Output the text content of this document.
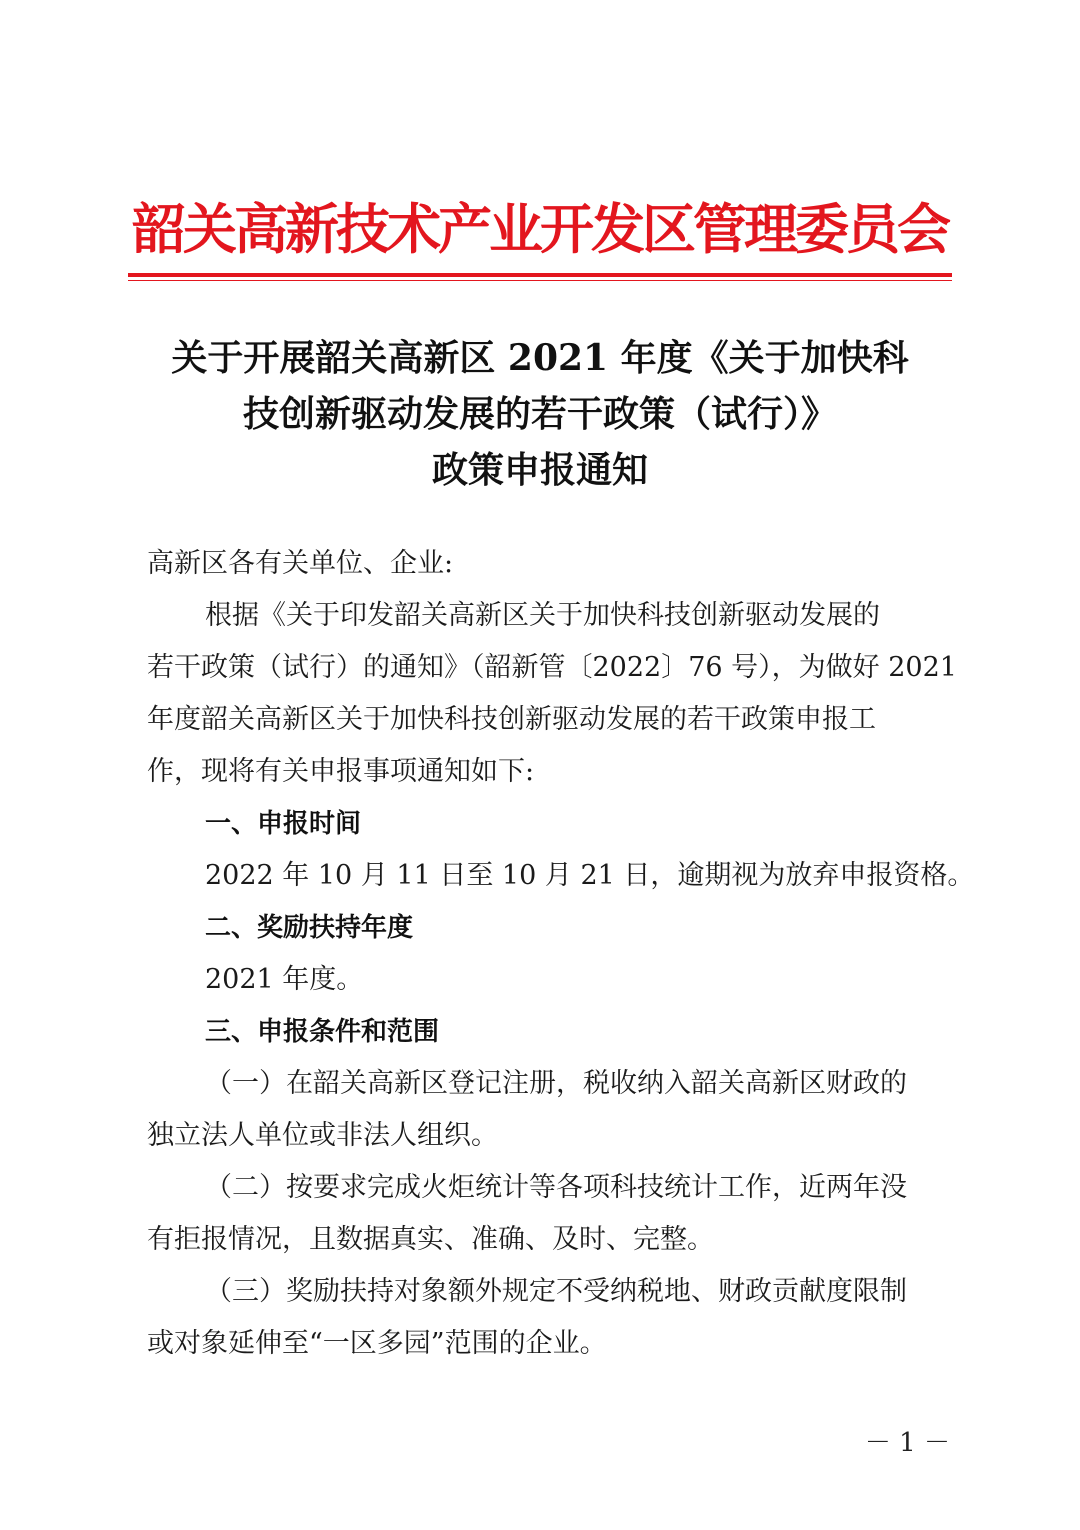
韶关高新技术产业开发区管理委员会
关于开展韶关高新区 2021 年度《关于加快科
技创新驱动发展的若干政策（试行）》
政策申报通知

高新区各有关单位、企业:

根据《关于印发韶关高新区关于加快科技创新驱动发展的
若干政策（试行）的通知》（韶新管〔2022〕76 号），为做好 2021
年度韶关高新区关于加快科技创新驱动发展的若干政策申报工
作，现将有关申报事项通知如下:

一、申报时间

2022 年 10 月 11 日至 10 月 21 日，逾期视为放弃申报资格。

二、奖励扶持年度

2021 年度。

三、申报条件和范围

（一）在韶关高新区登记注册，税收纳入韶关高新区财政的
独立法人单位或非法人组织。

（二）按要求完成火炬统计等各项科技统计工作，近两年没
有拒报情况，且数据真实、准确、及时、完整。

（三）奖励扶持对象额外规定不受纳税地、财政贡献度限制
或对象延伸至“一区多园”范围的企业。

－ 1 －
